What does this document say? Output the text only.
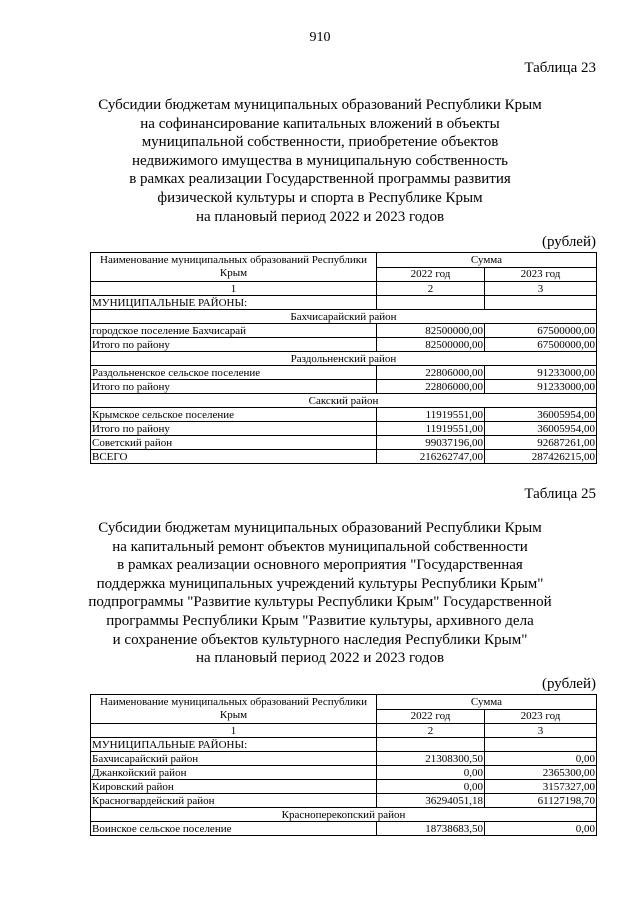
910
Таблица 23
Субсидии бюджетам муниципальных образований Республики Крым
на софинансирование капитальных вложений в объекты
муниципальной собственности, приобретение объектов
недвижимого имущества в муниципальную собственность
в рамках реализации Государственной программы развития
физической культуры и спорта в Республике Крым
на плановый период 2022 и 2023 годов
(рублей)
Наименование муниципальных образований Республики Крым	Сумма	
	2022 год	2023 год
1	2	3
МУНИЦИПАЛЬНЫЕ РАЙОНЫ:		
Бахчисарайский район		
городское поселение Бахчисарай	82500000,00	67500000,00
Итого по району	82500000,00	67500000,00
Раздольненский район		
Раздольненское сельское поселение	22806000,00	91233000,00
Итого по району	22806000,00	91233000,00
Сакский район		
Крымское сельское поселение	11919551,00	36005954,00
Итого по району	11919551,00	36005954,00
Советский район	99037196,00	92687261,00
ВСЕГО	216262747,00	287426215,00
Таблица 25
Субсидии бюджетам муниципальных образований Республики Крым
на капитальный ремонт объектов муниципальной собственности
в рамках реализации основного мероприятия "Государственная
поддержка муниципальных учреждений культуры Республики Крым"
подпрограммы "Развитие культуры Республики Крым" Государственной
программы Республики Крым "Развитие культуры, архивного дела
и сохранение объектов культурного наследия Республики Крым"
на плановый период 2022 и 2023 годов
(рублей)
Наименование муниципальных образований Республики Крым	Сумма	
	2022 год	2023 год
1	2	3
МУНИЦИПАЛЬНЫЕ РАЙОНЫ:		
Бахчисарайский район	21308300,50	0,00
Джанкойский район	0,00	2365300,00
Кировский район	0,00	3157327,00
Красногвардейский район	36294051,18	61127198,70
Красноперекопский район		
Воинское сельское поселение	18738683,50	0,00
